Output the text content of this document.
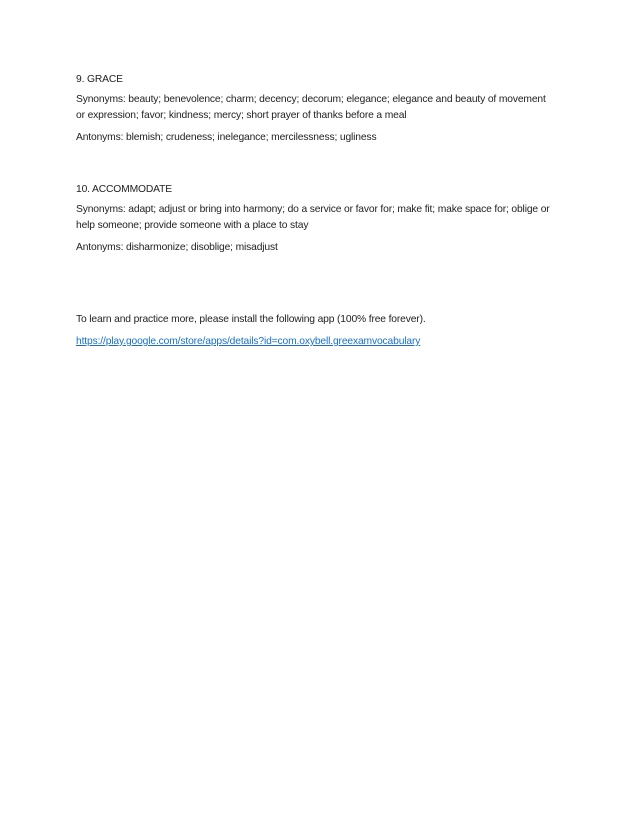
9. GRACE

Synonyms: beauty; benevolence; charm; decency; decorum; elegance; elegance and beauty of movement or expression; favor; kindness; mercy; short prayer of thanks before a meal

Antonyms: blemish; crudeness; inelegance; mercilessness; ugliness

10. ACCOMMODATE

Synonyms: adapt; adjust or bring into harmony; do a service or favor for; make fit; make space for; oblige or help someone; provide someone with a place to stay

Antonyms: disharmonize; disoblige; misadjust

To learn and practice more, please install the following app (100% free forever).

https://play.google.com/store/apps/details?id=com.oxybell.greexamvocabulary
